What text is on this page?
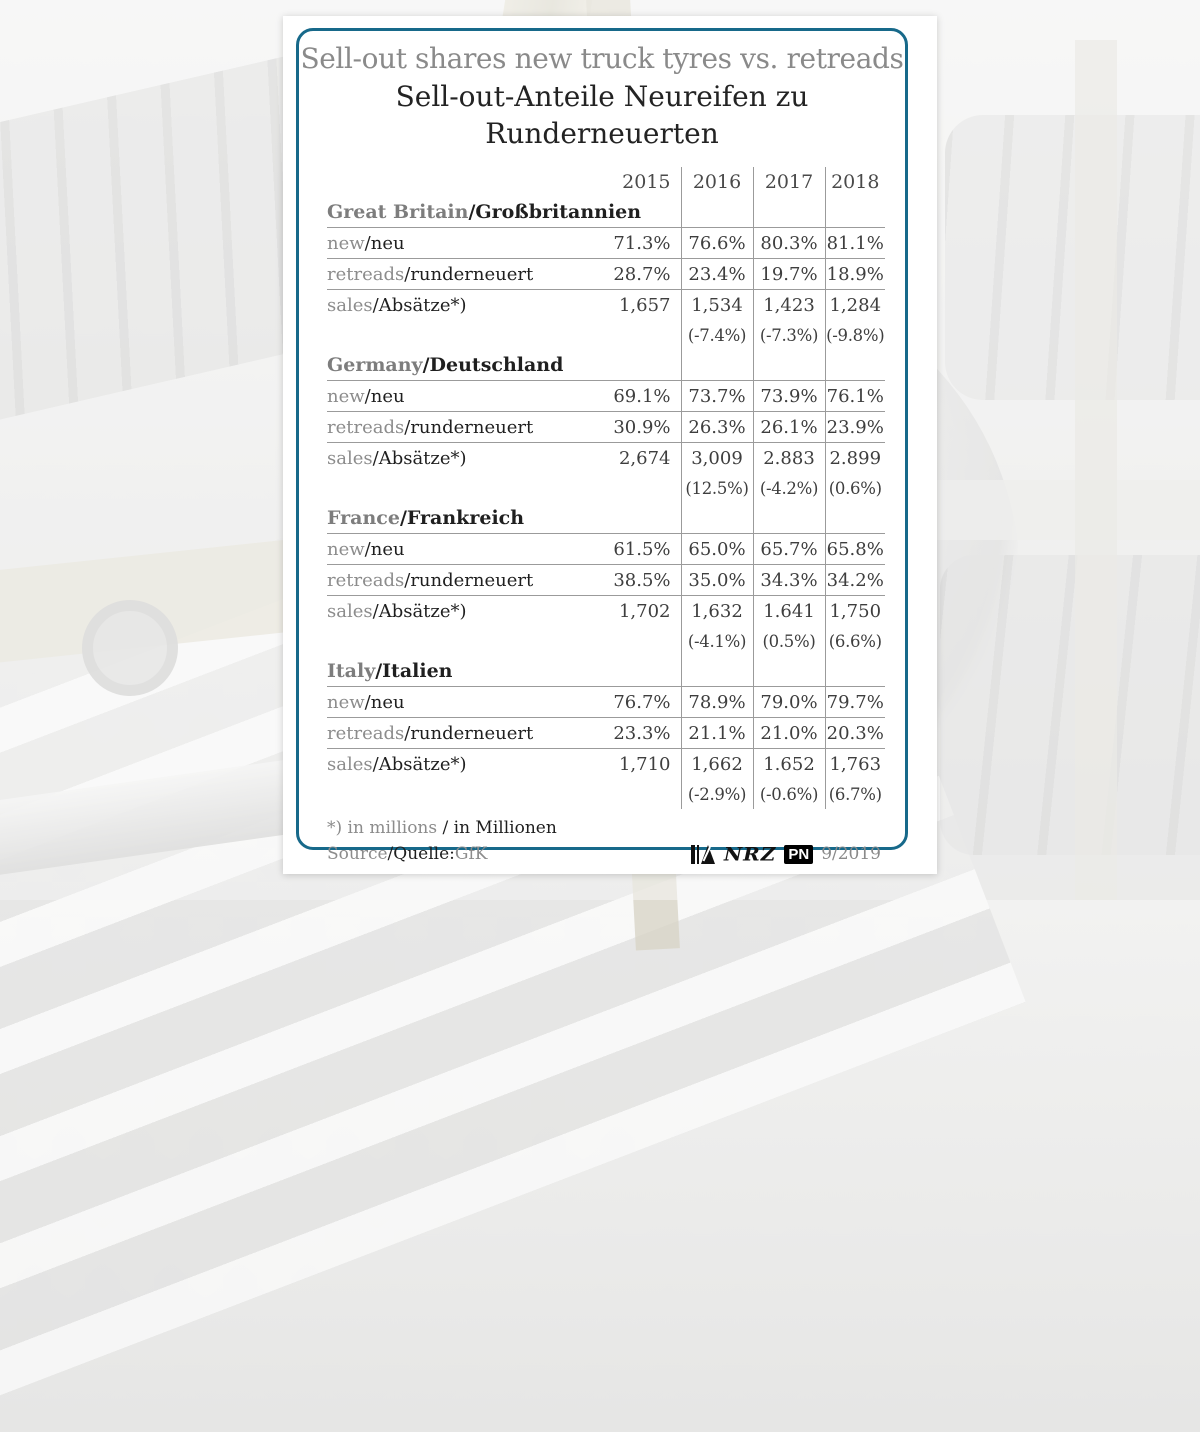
Sell-out shares new truck tyres vs. retreads
Sell-out-Anteile Neureifen zu
Runderneuerten
	2015	2016	2017	2018
Great Britain/Großbritannien				
new/neu	71.3%	76.6%	80.3%	81.1%
retreads/runderneuert	28.7%	23.4%	19.7%	18.9%
sales/Absätze*)	1,657	1,534	1,423	1,284
		(-7.4%)	(-7.3%)	(-9.8%)
Germany/Deutschland				
new/neu	69.1%	73.7%	73.9%	76.1%
retreads/runderneuert	30.9%	26.3%	26.1%	23.9%
sales/Absätze*)	2,674	3,009	2.883	2.899
		(12.5%)	(-4.2%)	(0.6%)
France/Frankreich				
new/neu	61.5%	65.0%	65.7%	65.8%
retreads/runderneuert	38.5%	35.0%	34.3%	34.2%
sales/Absätze*)	1,702	1,632	1.641	1,750
		(-4.1%)	(0.5%)	(6.6%)
Italy/Italien				
new/neu	76.7%	78.9%	79.0%	79.7%
retreads/runderneuert	23.3%	21.1%	21.0%	20.3%
sales/Absätze*)	1,710	1,662	1.652	1,763
		(-2.9%)	(-0.6%)	(6.7%)
*) in millions / in Millionen
Source /Quelle: GfK	NRZ PN 9/2019
